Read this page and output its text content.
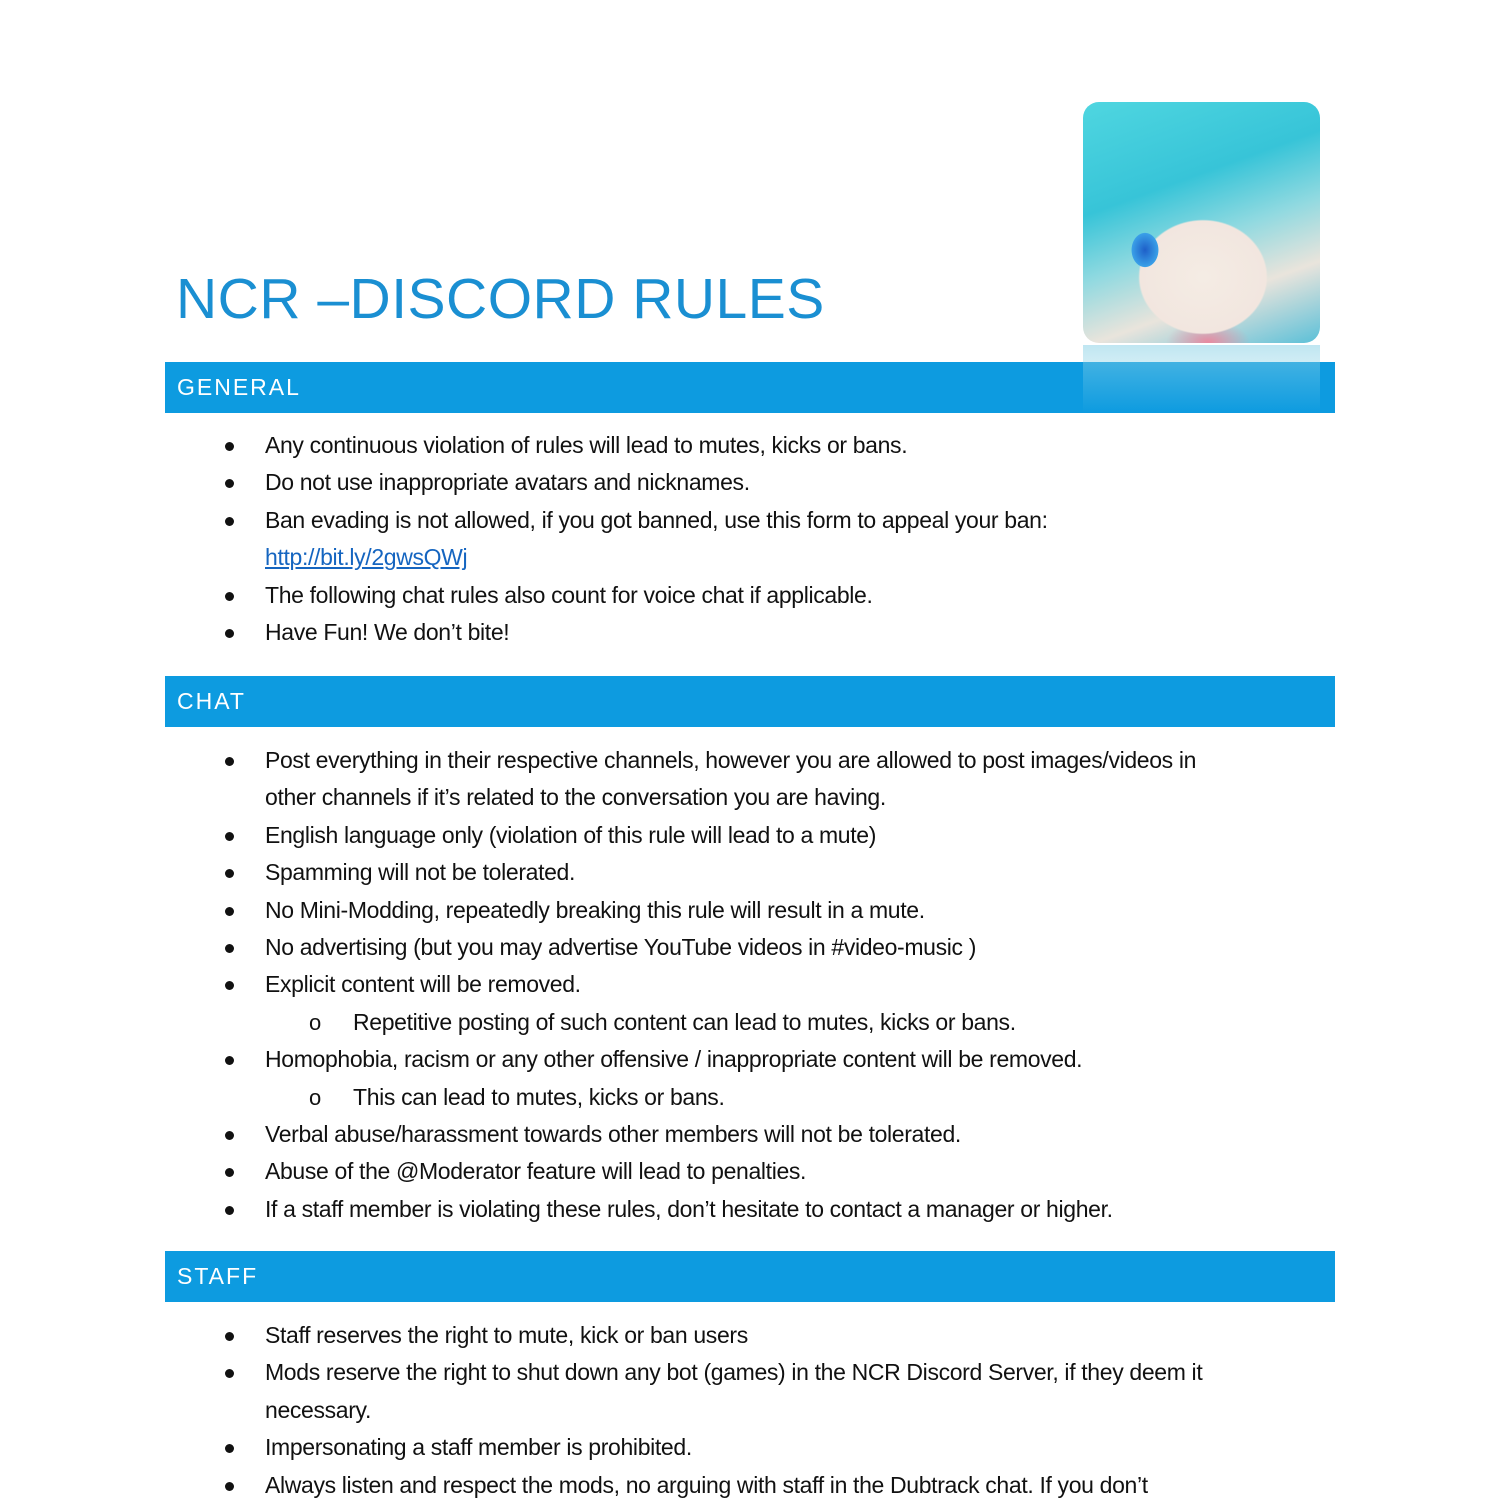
NCR –DISCORD RULES
GENERAL
Any continuous violation of rules will lead to mutes, kicks or bans.
Do not use inappropriate avatars and nicknames.
Ban evading is not allowed, if you got banned, use this form to appeal your ban:
http://bit.ly/2gwsQWj
The following chat rules also count for voice chat if applicable.
Have Fun! We don’t bite!
CHAT
Post everything in their respective channels, however you are allowed to post images/videos in
other channels if it’s related to the conversation you are having.
English language only (violation of this rule will lead to a mute)
Spamming will not be tolerated.
No Mini-Modding, repeatedly breaking this rule will result in a mute.
No advertising (but you may advertise YouTube videos in #video-music )
Explicit content will be removed.
o Repetitive posting of such content can lead to mutes, kicks or bans.
Homophobia, racism or any other offensive / inappropriate content will be removed.
o This can lead to mutes, kicks or bans.
Verbal abuse/harassment towards other members will not be tolerated.
Abuse of the @Moderator feature will lead to penalties.
If a staff member is violating these rules, don’t hesitate to contact a manager or higher.
STAFF
Staff reserves the right to mute, kick or ban users
Mods reserve the right to shut down any bot (games) in the NCR Discord Server, if they deem it
necessary.
Impersonating a staff member is prohibited.
Always listen and respect the mods, no arguing with staff in the Dubtrack chat. If you don’t
